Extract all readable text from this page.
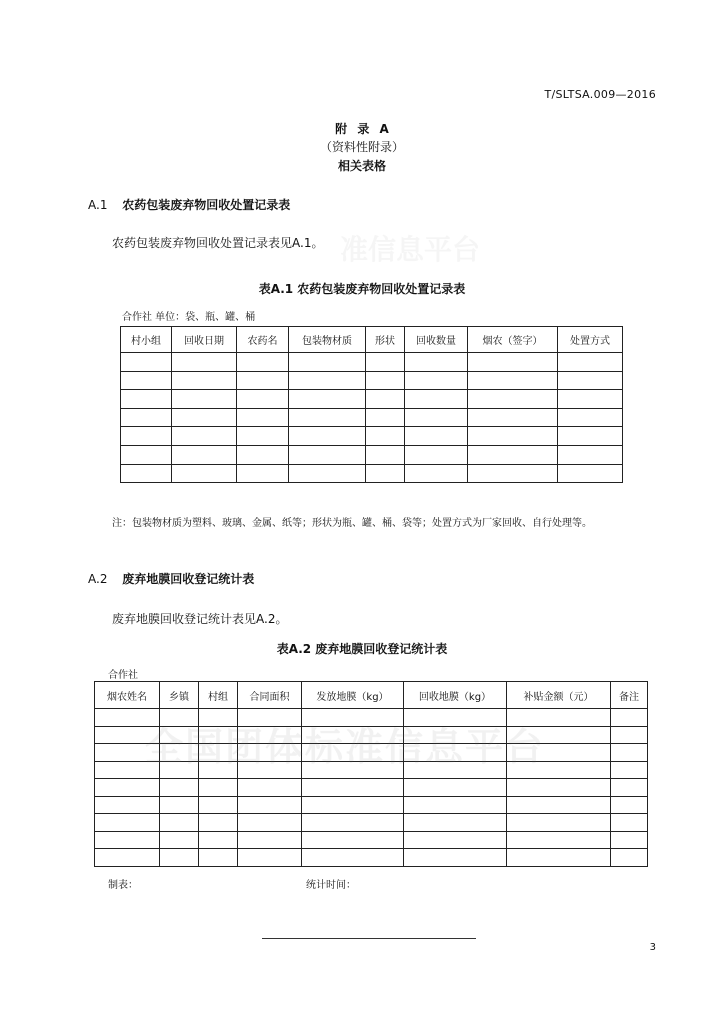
T/SLTSA.009—2016
附 录 A
（资料性附录）
相关表格
准信息平台
A.1 农药包装废弃物回收处置记录表
农药包装废弃物回收处置记录表见A.1。
表A.1 农药包装废弃物回收处置记录表
合作社 单位：袋、瓶、罐、桶
村小组	回收日期	农药名	包装物材质	形状	回收数量	烟农（签字）	处置方式

注：包装物材质为塑料、玻璃、金属、纸等；形状为瓶、罐、桶、袋等；处置方式为厂家回收、自行处理等。
A.2 废弃地膜回收登记统计表
废弃地膜回收登记统计表见A.2。
表A.2 废弃地膜回收登记统计表
合作社
烟农姓名	乡镇	村组	合同面积	发放地膜（kg）	回收地膜（kg）	补贴金额（元）	备注

全国团体标准信息平台
制表：	统计时间：
3
